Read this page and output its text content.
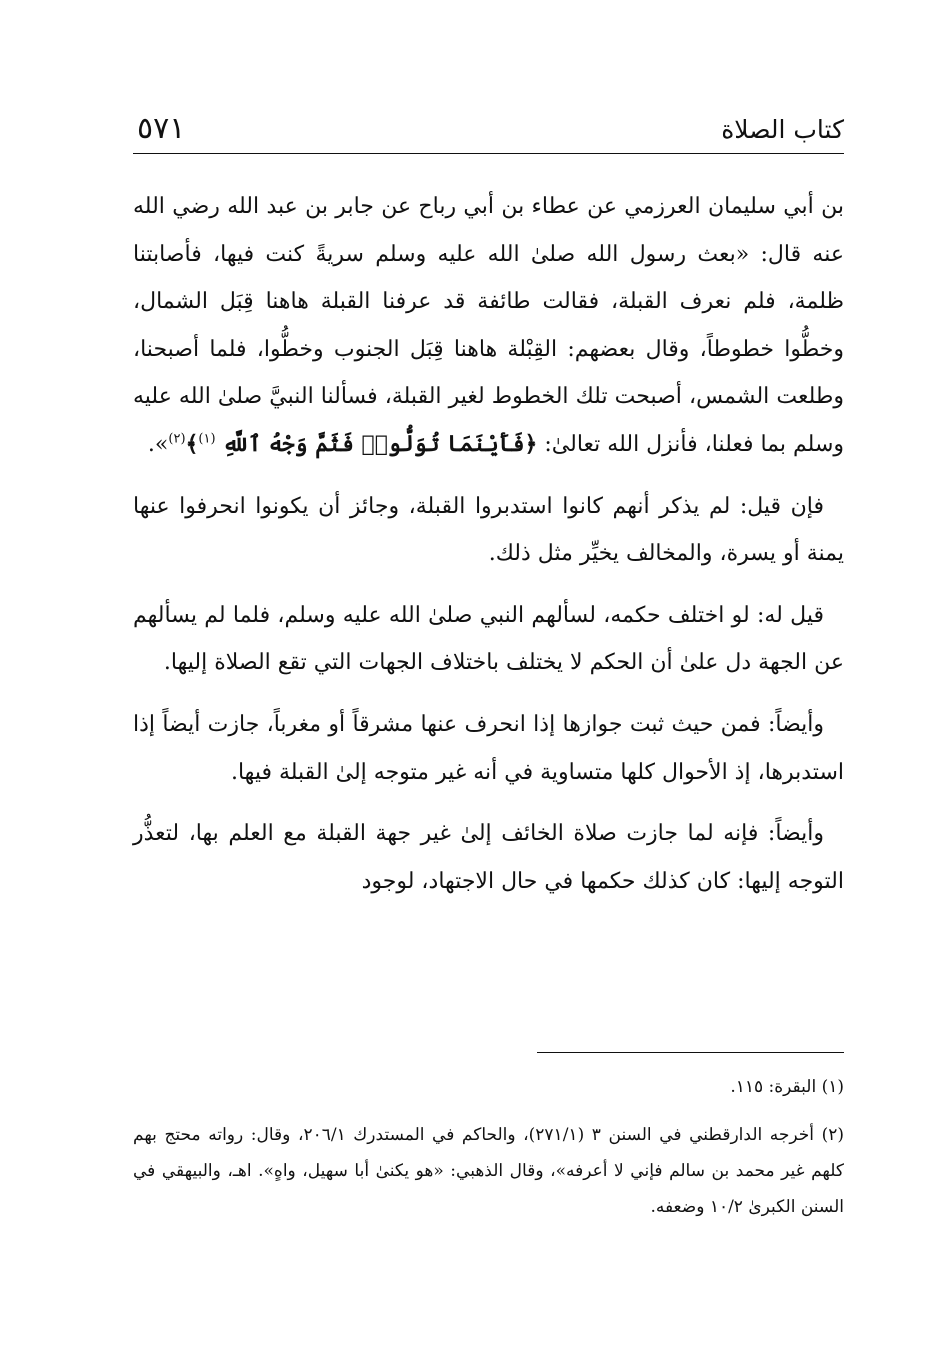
كتاب الصلاة
٥٧١

بن أبي سليمان العرزمي عن عطاء بن أبي رباح عن جابر بن عبد الله رضي الله عنه قال: «بعث رسول الله صلىٰ الله عليه وسلم سريةً كنت فيها، فأصابتنا ظلمة، فلم نعرف القبلة، فقالت طائفة قد عرفنا القبلة هاهنا قِبَل الشمال، وخطُّوا خطوطاً، وقال بعضهم: القِبْلة هاهنا قِبَل الجنوب وخطُّوا، فلما أصبحنا، وطلعت الشمس، أصبحت تلك الخطوط لغير القبلة، فسألنا النبيَّ صلىٰ الله عليه وسلم بما فعلنا، فأنزل الله تعالىٰ: ﴿فَأَيْنَمَا تُوَلُّوا۟ فَثَمَّ وَجْهُ ٱللَّهِ $^{(١)}$﴾$^{(٢)}$».

فإن قيل: لم يذكر أنهم كانوا استدبروا القبلة، وجائز أن يكونوا انحرفوا عنها يمنة أو يسرة، والمخالف يخيِّر مثل ذلك.

قيل له: لو اختلف حكمه، لسألهم النبي صلىٰ الله عليه وسلم، فلما لم يسألهم عن الجهة دل علىٰ أن الحكم لا يختلف باختلاف الجهات التي تقع الصلاة إليها.

وأيضاً: فمن حيث ثبت جوازها إذا انحرف عنها مشرقاً أو مغرباً، جازت أيضاً إذا استدبرها، إذ الأحوال كلها متساوية في أنه غير متوجه إلىٰ القبلة فيها.

وأيضاً: فإنه لما جازت صلاة الخائف إلىٰ غير جهة القبلة مع العلم بها، لتعذُّر التوجه إليها: كان كذلك حكمها في حال الاجتهاد، لوجود

(١) البقرة: ١١٥.

(٢) أخرجه الدارقطني في السنن ٣ (٢٧١/١)، والحاكم في المستدرك ٢٠٦/١، وقال: رواته محتج بهم كلهم غير محمد بن سالم فإني لا أعرفه»، وقال الذهبي: «هو يكنىٰ أبا سهيل، واهٍ». اهـ، والبيهقي في السنن الكبرىٰ ١٠/٢ وضعفه.
